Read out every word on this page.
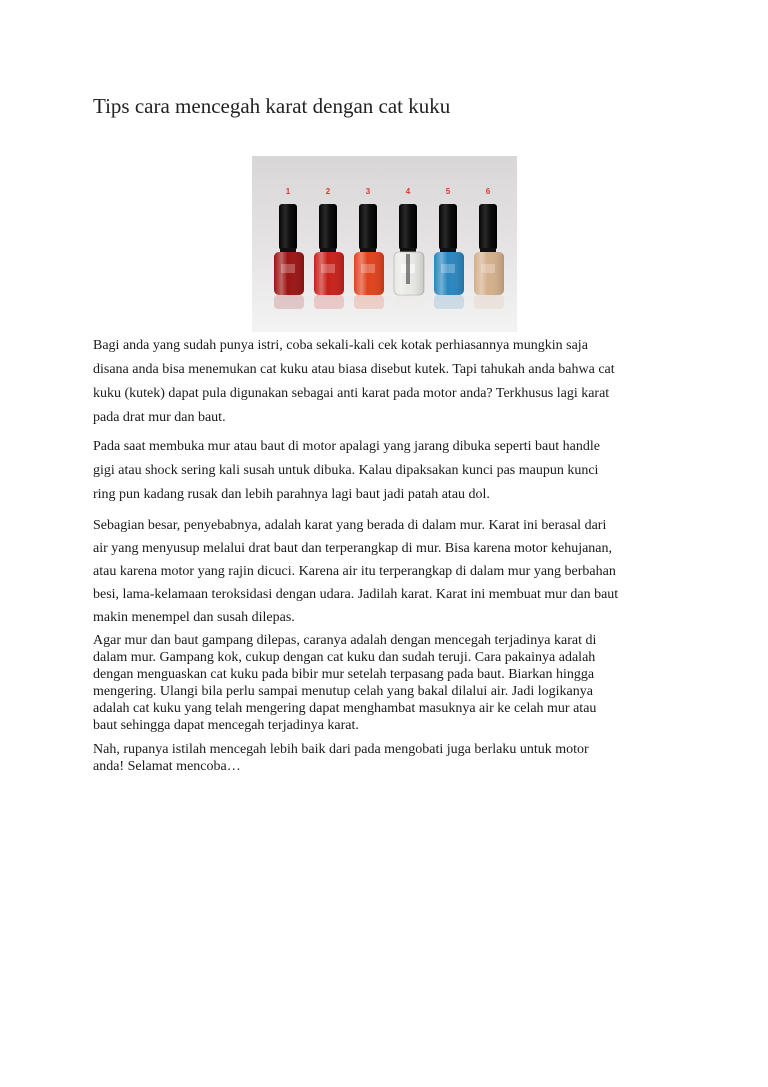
Tips cara mencegah karat dengan cat kuku
1	2	3	4	5	6

Bagi anda yang sudah punya istri, coba sekali-kali cek kotak perhiasannya mungkin saja
disana anda bisa menemukan cat kuku atau biasa disebut kutek. Tapi tahukah anda bahwa cat
kuku (kutek) dapat pula digunakan sebagai anti karat pada motor anda? Terkhusus lagi karat
pada drat mur dan baut.

Pada saat membuka mur atau baut di motor apalagi yang jarang dibuka seperti baut handle
gigi atau shock sering kali susah untuk dibuka. Kalau dipaksakan kunci pas maupun kunci
ring pun kadang rusak dan lebih parahnya lagi baut jadi patah atau dol.

Sebagian besar, penyebabnya, adalah karat yang berada di dalam mur. Karat ini berasal dari
air yang menyusup melalui drat baut dan terperangkap di mur. Bisa karena motor kehujanan,
atau karena motor yang rajin dicuci. Karena air itu terperangkap di dalam mur yang berbahan
besi, lama-kelamaan teroksidasi dengan udara. Jadilah karat. Karat ini membuat mur dan baut
makin menempel dan susah dilepas.

Agar mur dan baut gampang dilepas, caranya adalah dengan mencegah terjadinya karat di
dalam mur. Gampang kok, cukup dengan cat kuku dan sudah teruji. Cara pakainya adalah
dengan menguaskan cat kuku pada bibir mur setelah terpasang pada baut. Biarkan hingga
mengering. Ulangi bila perlu sampai menutup celah yang bakal dilalui air. Jadi logikanya
adalah cat kuku yang telah mengering dapat menghambat masuknya air ke celah mur atau
baut sehingga dapat mencegah terjadinya karat.

Nah, rupanya istilah mencegah lebih baik dari pada mengobati juga berlaku untuk motor
anda! Selamat mencoba…
